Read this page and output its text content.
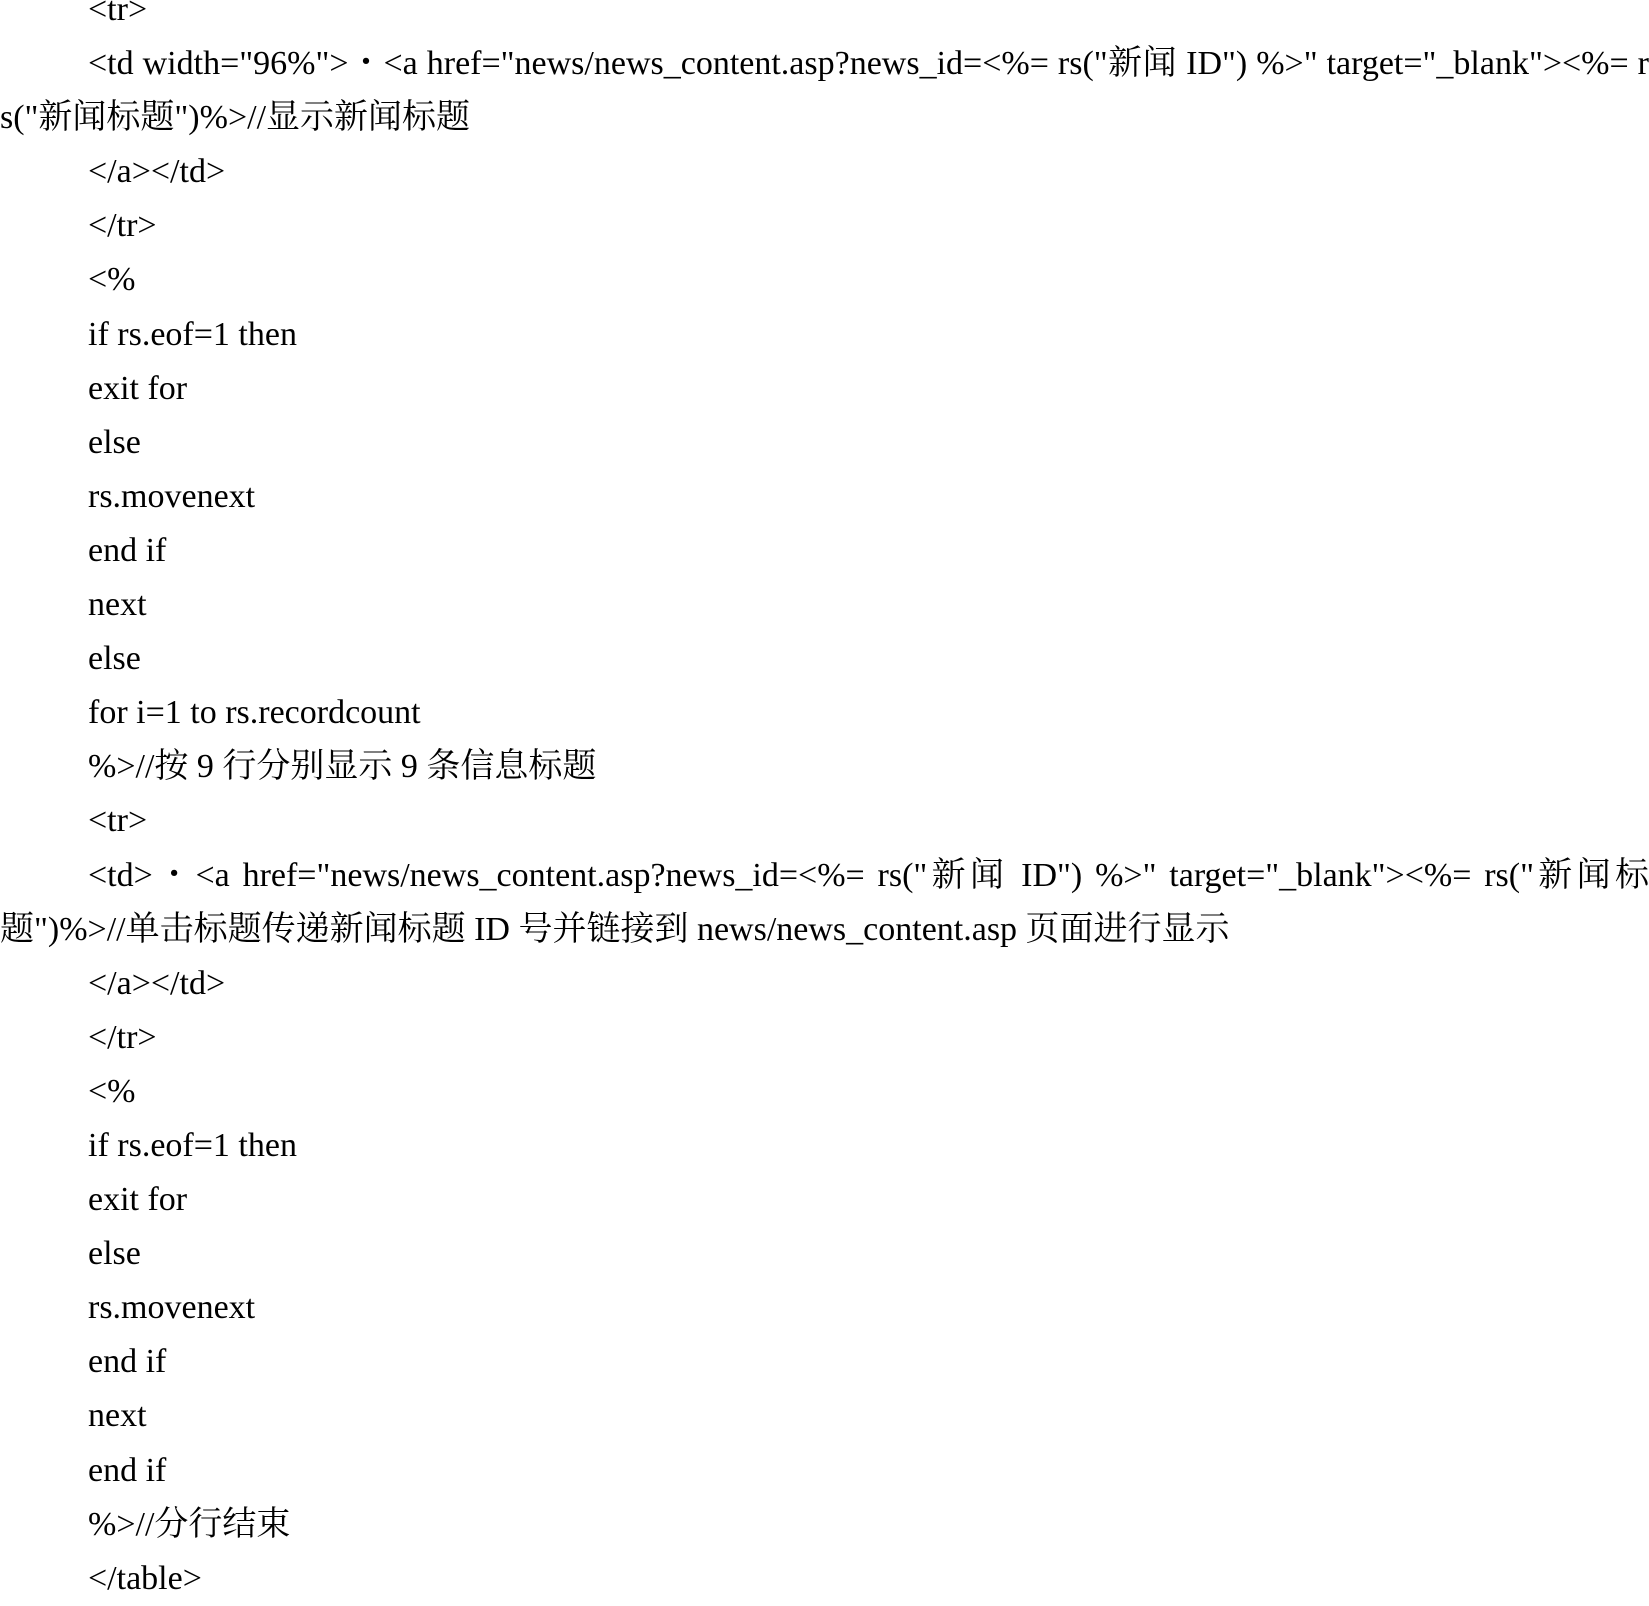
<tr>
<td width="96%">・<a href="news/news_content.asp?news_id=<%= rs("新闻 ID") %>" target="_blank"><%= rs("新闻标题")%>//显示新闻标题
</a></td>
</tr>
<%
if rs.eof=1 then
exit for
else
rs.movenext
end if
next
else
for i=1 to rs.recordcount
%>//按 9 行分别显示 9 条信息标题
<tr>
<td>・<a href="news/news_content.asp?news_id=<%= rs("新闻 ID") %>" target="_blank"><%= rs("新闻标题")%>//单击标题传递新闻标题 ID 号并链接到 news/news_content.asp 页面进行显示
</a></td>
</tr>
<%
if rs.eof=1 then
exit for
else
rs.movenext
end if
next
end if
%>//分行结束
</table>
